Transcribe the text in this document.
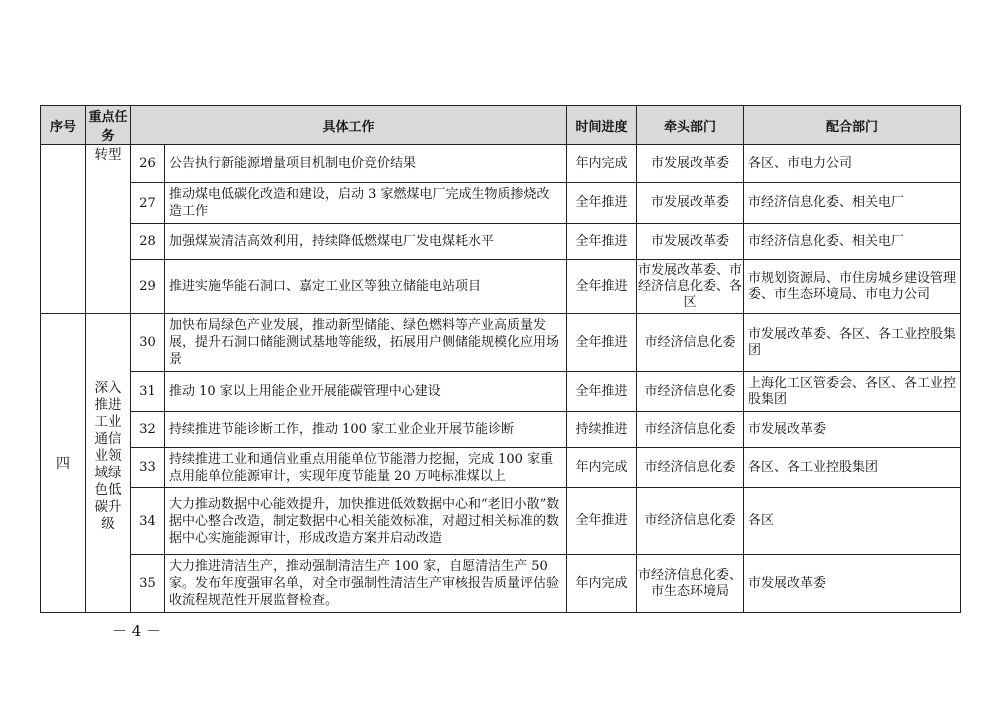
序号	重点任务	具体工作		时间进度	牵头部门	配合部门
	转型	26	公告执行新能源增量项目机制电价竞价结果	年内完成	市发展改革委	各区、市电力公司
		27	推动煤电低碳化改造和建设，启动 3 家燃煤电厂完成生物质掺烧改造工作	全年推进	市发展改革委	市经济信息化委、相关电厂
		28	加强煤炭清洁高效利用，持续降低燃煤电厂发电煤耗水平	全年推进	市发展改革委	市经济信息化委、相关电厂
		29	推进实施华能石洞口、嘉定工业区等独立储能电站项目	全年推进	市发展改革委、市经济信息化委、各区	市规划资源局、市住房城乡建设管理委、市生态环境局、市电力公司
四	深入推进工业通信业领域绿色低碳升级	30	加快布局绿色产业发展，推动新型储能、绿色燃料等产业高质量发展，提升石洞口储能测试基地等能级，拓展用户侧储能规模化应用场景	全年推进	市经济信息化委	市发展改革委、各区、各工业控股集团
		31	推动 10 家以上用能企业开展能碳管理中心建设	全年推进	市经济信息化委	上海化工区管委会、各区、各工业控股集团
		32	持续推进节能诊断工作，推动 100 家工业企业开展节能诊断	持续推进	市经济信息化委	市发展改革委
		33	持续推进工业和通信业重点用能单位节能潜力挖掘，完成 100 家重点用能单位能源审计，实现年度节能量 20 万吨标准煤以上	年内完成	市经济信息化委	各区、各工业控股集团
		34	大力推动数据中心能效提升，加快推进低效数据中心和“老旧小散”数据中心整合改造，制定数据中心相关能效标准，对超过相关标准的数据中心实施能源审计，形成改造方案并启动改造	全年推进	市经济信息化委	各区
		35	大力推进清洁生产，推动强制清洁生产 100 家，自愿清洁生产 50 家。发布年度强审名单，对全市强制性清洁生产审核报告质量评估验收流程规范性开展监督检查。	年内完成	市经济信息化委、市生态环境局	市发展改革委
－ 4 －
